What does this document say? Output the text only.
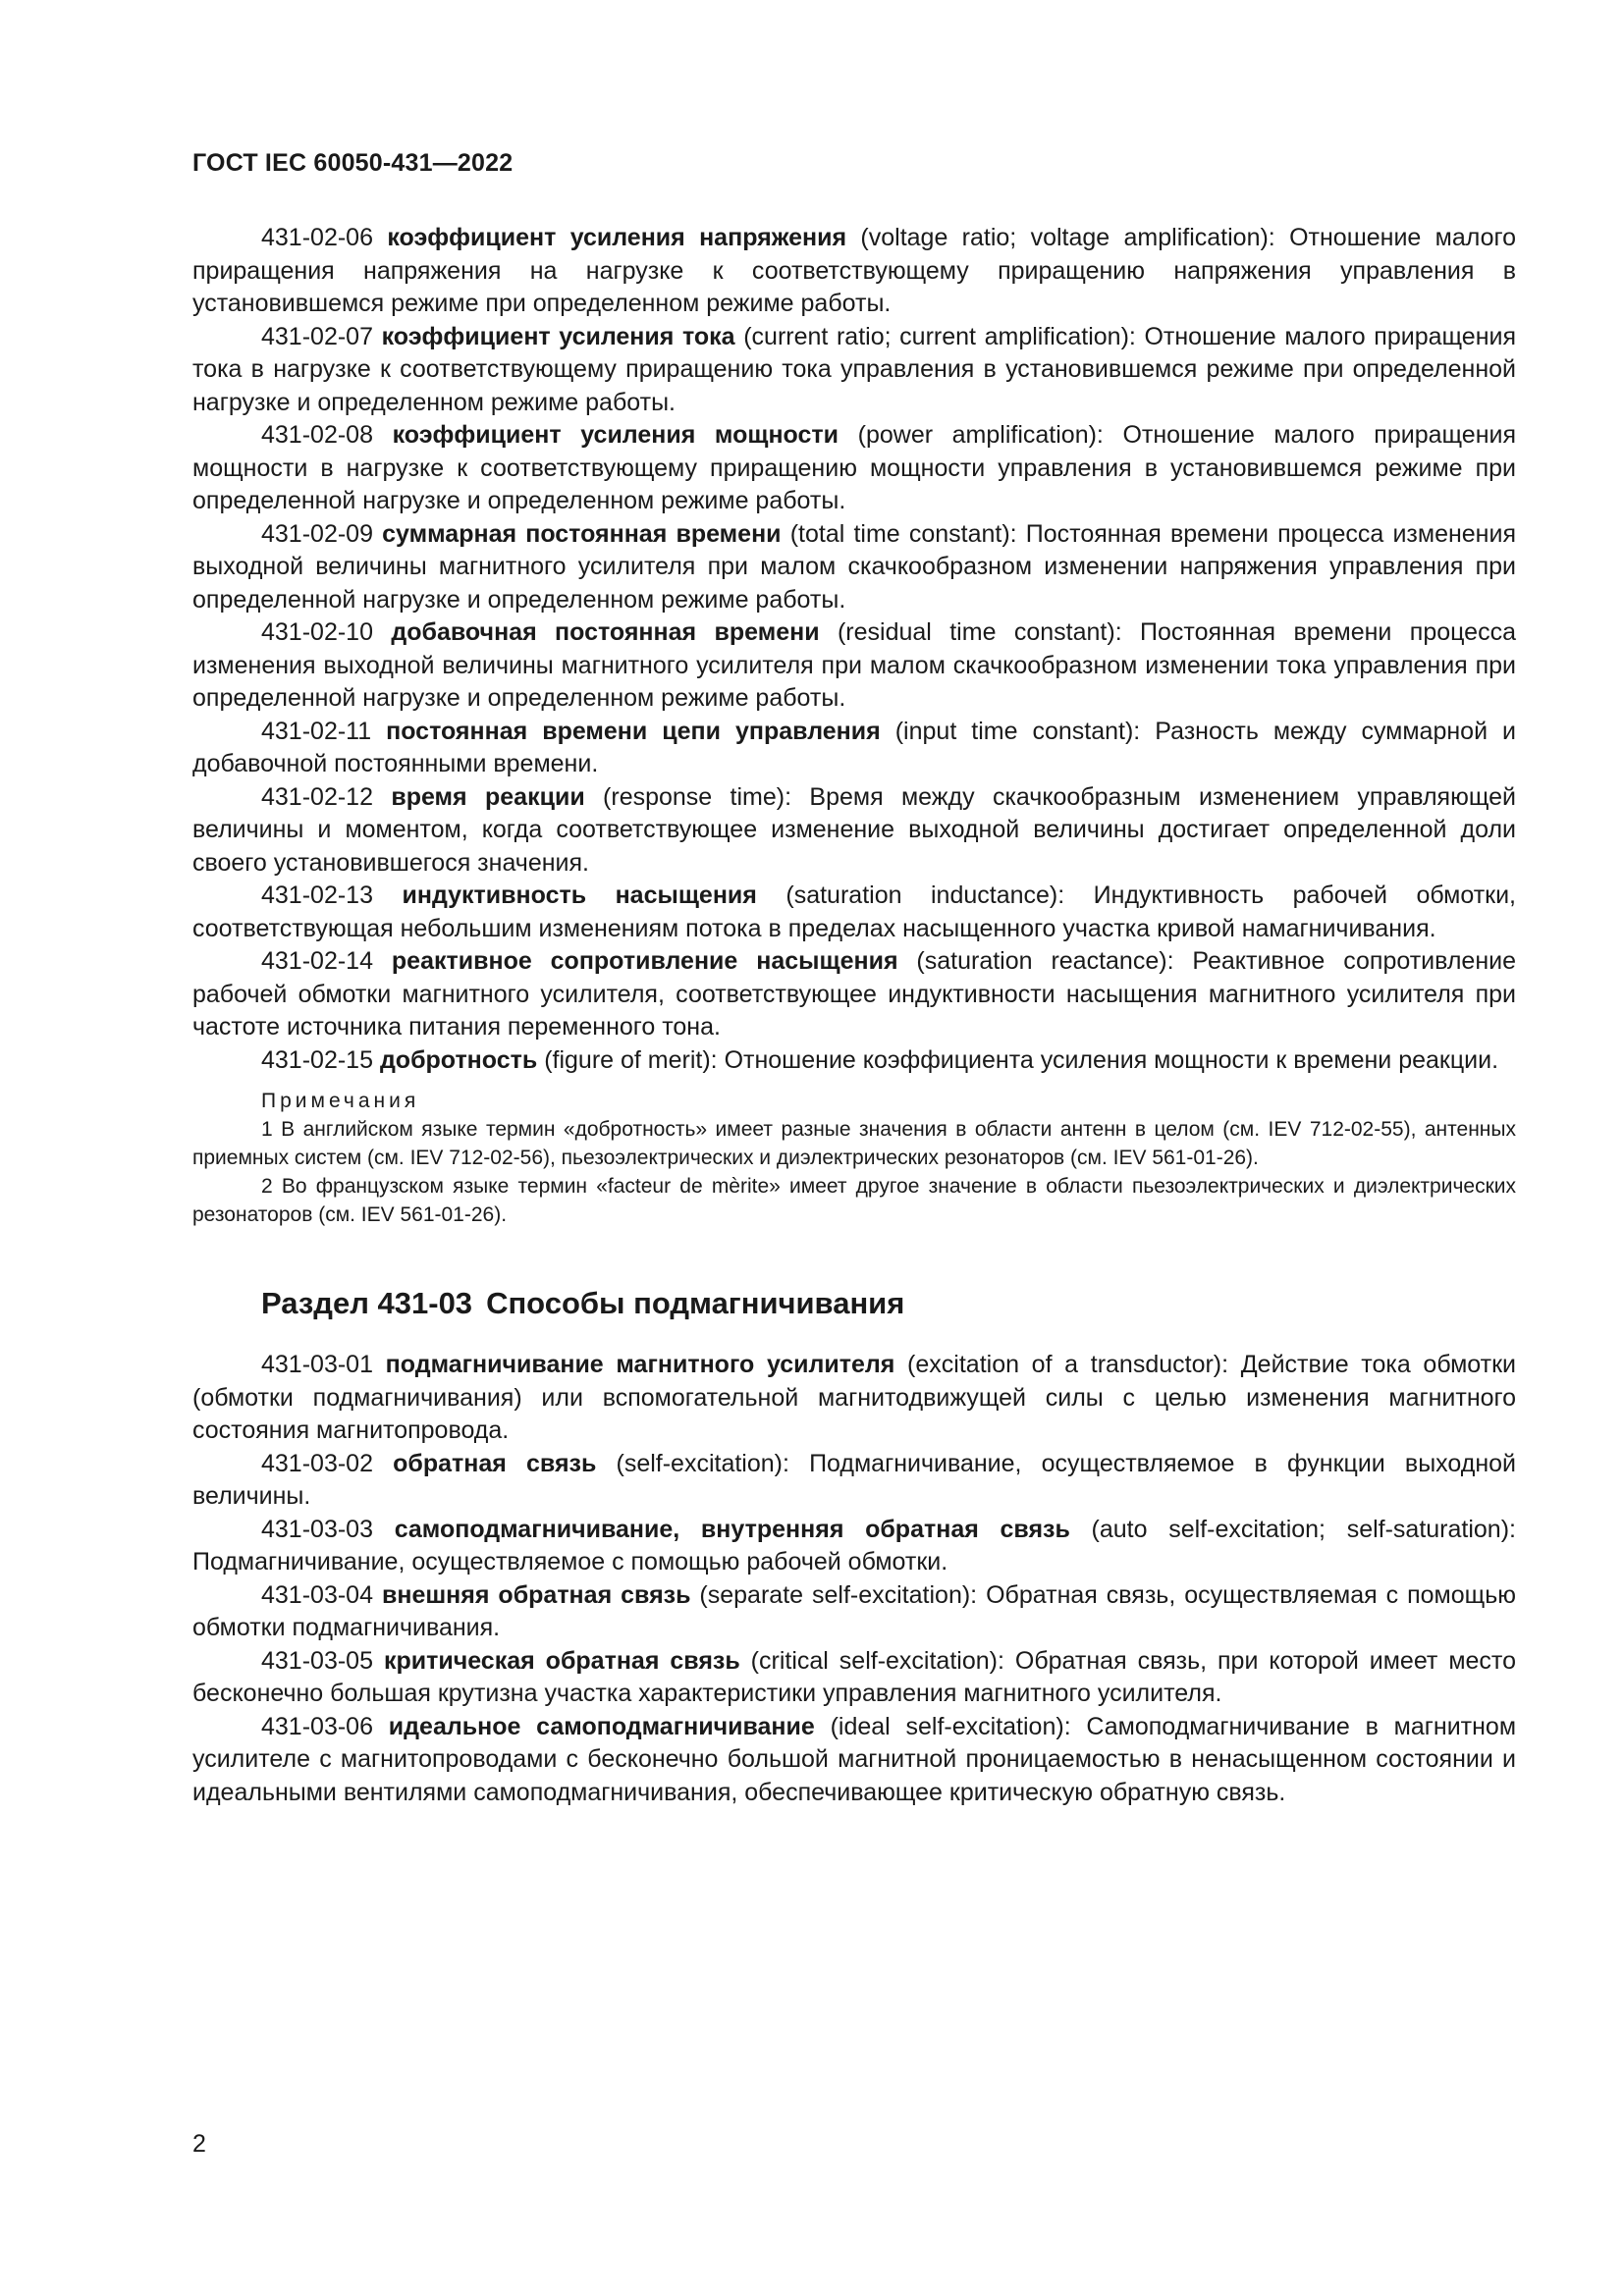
ГОСТ IEC 60050-431—2022

431-02-06 коэффициент усиления напряжения (voltage ratio; voltage amplification): Отношение малого приращения напряжения на нагрузке к соответствующему приращению напряжения управления в установившемся режиме при определенном режиме работы.

431-02-07 коэффициент усиления тока (current ratio; current amplification): Отношение малого приращения тока в нагрузке к соответствующему приращению тока управления в установившемся режиме при определенной нагрузке и определенном режиме работы.

431-02-08 коэффициент усиления мощности (power amplification): Отношение малого приращения мощности в нагрузке к соответствующему приращению мощности управления в установившемся режиме при определенной нагрузке и определенном режиме работы.

431-02-09 суммарная постоянная времени (total time constant): Постоянная времени процесса изменения выходной величины магнитного усилителя при малом скачкообразном изменении напряжения управления при определенной нагрузке и определенном режиме работы.

431-02-10 добавочная постоянная времени (residual time constant): Постоянная времени процесса изменения выходной величины магнитного усилителя при малом скачкообразном изменении тока управления при определенной нагрузке и определенном режиме работы.

431-02-11 постоянная времени цепи управления (input time constant): Разность между суммарной и добавочной постоянными времени.

431-02-12 время реакции (response time): Время между скачкообразным изменением управляющей величины и моментом, когда соответствующее изменение выходной величины достигает определенной доли своего установившегося значения.

431-02-13 индуктивность насыщения (saturation inductance): Индуктивность рабочей обмотки, соответствующая небольшим изменениям потока в пределах насыщенного участка кривой намагничивания.

431-02-14 реактивное сопротивление насыщения (saturation reactance): Реактивное сопротивление рабочей обмотки магнитного усилителя, соответствующее индуктивности насыщения магнитного усилителя при частоте источника питания переменного тона.

431-02-15 добротность (figure of merit): Отношение коэффициента усиления мощности к времени реакции.

Примечания

1 В английском языке термин «добротность» имеет разные значения в области антенн в целом (см. IEV 712-02-55), антенных приемных систем (см. IEV 712-02-56), пьезоэлектрических и диэлектрических резонаторов (см. IEV 561-01-26).

2 Во французском языке термин «facteur de mèrite» имеет другое значение в области пьезоэлектрических и диэлектрических резонаторов (см. IEV 561-01-26).

Раздел 431-03 Способы подмагничивания

431-03-01 подмагничивание магнитного усилителя (excitation of a transductor): Действие тока обмотки (обмотки подмагничивания) или вспомогательной магнитодвижущей силы с целью изменения магнитного состояния магнитопровода.

431-03-02 обратная связь (self-excitation): Подмагничивание, осуществляемое в функции выходной величины.

431-03-03 самоподмагничивание, внутренняя обратная связь (auto self-excitation; self-saturation): Подмагничивание, осуществляемое с помощью рабочей обмотки.

431-03-04 внешняя обратная связь (separate self-excitation): Обратная связь, осуществляемая с помощью обмотки подмагничивания.

431-03-05 критическая обратная связь (critical self-excitation): Обратная связь, при которой имеет место бесконечно большая крутизна участка характеристики управления магнитного усилителя.

431-03-06 идеальное самоподмагничивание (ideal self-excitation): Самоподмагничивание в магнитном усилителе с магнитопроводами с бесконечно большой магнитной проницаемостью в ненасыщенном состоянии и идеальными вентилями самоподмагничивания, обеспечивающее критическую обратную связь.

2
